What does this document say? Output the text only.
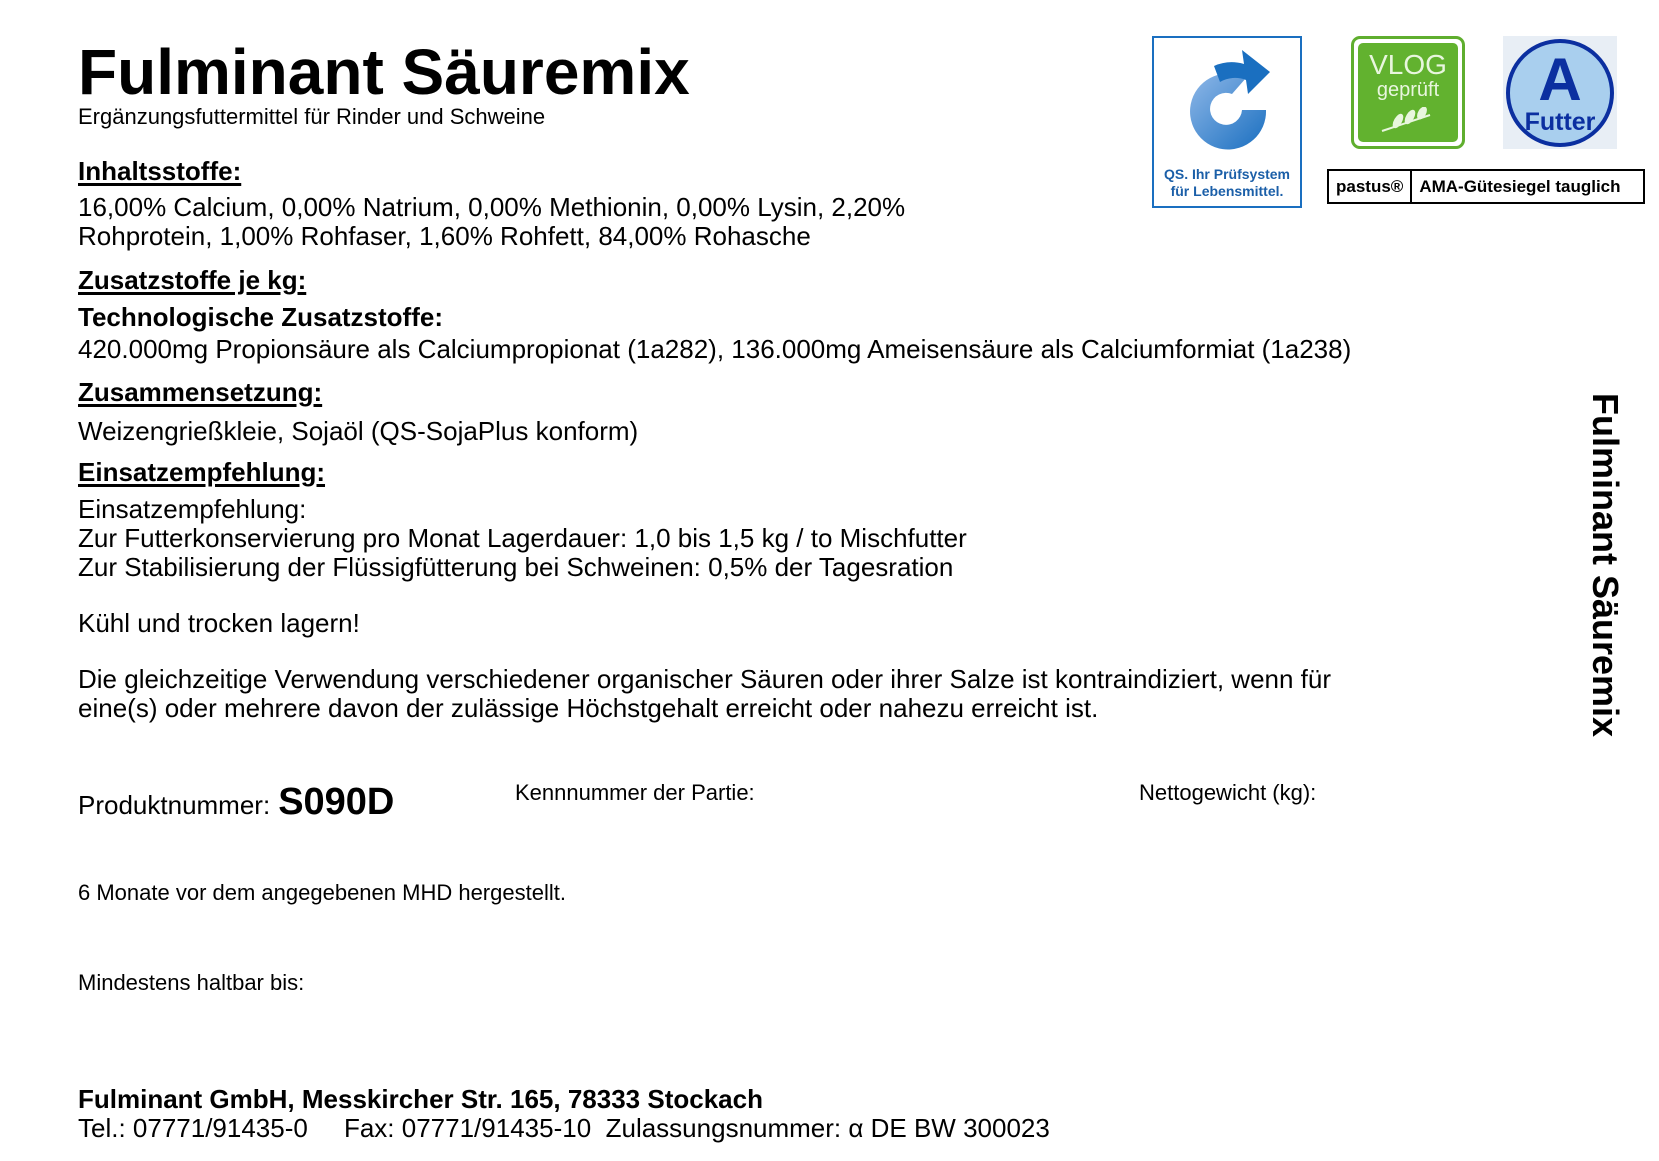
Fulminant Säuremix
Ergänzungsfuttermittel für Rinder und Schweine
Inhaltsstoffe:
16,00% Calcium, 0,00% Natrium, 0,00% Methionin, 0,00% Lysin, 2,20%
Rohprotein, 1,00% Rohfaser, 1,60% Rohfett, 84,00% Rohasche
Zusatzstoffe je kg:
Technologische Zusatzstoffe:
420.000mg Propionsäure als Calciumpropionat (1a282), 136.000mg Ameisensäure als Calciumformiat (1a238)
Zusammensetzung:
Weizengrießkleie, Sojaöl (QS-SojaPlus konform)
Einsatzempfehlung:
Einsatzempfehlung:
Zur Futterkonservierung pro Monat Lagerdauer: 1,0 bis 1,5 kg / to Mischfutter
Zur Stabilisierung der Flüssigfütterung bei Schweinen: 0,5% der Tagesration
Kühl und trocken lagern!
Die gleichzeitige Verwendung verschiedener organischer Säuren oder ihrer Salze ist kontraindiziert, wenn für
eine(s) oder mehrere davon der zulässige Höchstgehalt erreicht oder nahezu erreicht ist.
Produktnummer: S090D	Kennnummer der Partie:	Nettogewicht (kg):
6 Monate vor dem angegebenen MHD hergestellt.
Mindestens haltbar bis:
Fulminant GmbH, Messkircher Str. 165, 78333 Stockach
Tel.: 07771/91435-0     Fax: 07771/91435-10  Zulassungsnummer: α DE BW 300023
Fulminant Säuremix
QS. Ihr Prüfsystem
für Lebensmittel.
VLOG
geprüft	A
Futter
pastus® AMA-Gütesiegel tauglich
